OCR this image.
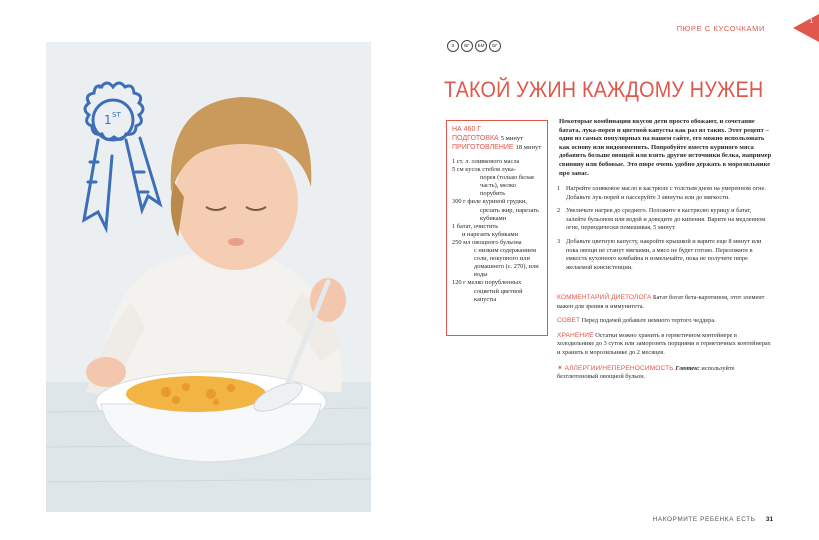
1 ST
ПЮРЕ С КУСОЧКАМИ
1
З	ВГ	БМ	БГ
ТАКОЙ УЖИН КАЖДОМУ НУЖЕН
НА 460 Г
ПОДГОТОВКА 5 минут
ПРИГОТОВЛЕНИЕ 18 минут
1 ст. л. оливкового масла
5 см кусок стебля лука-
порея (только белая
часть), мелко порубить
300 г филе куриной грудки,
срезать жир, нарезать
кубиками
1 батат, очистить
и нарезать кубиками
250 мл овощного бульона
с низким содержанием
соли, покупного или
домашнего (с. 270), или
воды
120 г мелко порубленных
соцветий цветной
капусты

Некоторые комбинации вкусов дети просто обожают, и сочетание батата, лука-порея и цветной капусты как раз из таких. Этот рецепт – один из самых популярных на нашем сайте, его можно использовать как основу или видоизменять. Попробуйте вместо куриного мяса добавить больше овощей или взять другие источники белка, например свинину или бобовые. Это пюре очень удобно держать в морозильнике про запас.

1 Нагрейте оливковое масло в кастрюле с толстым дном на умеренном огне. Добавьте лук-порей и пассеруйте 3 минуты или до мягкости.
2 Увеличьте нагрев до среднего. Положите в кастрюлю курицу и батат, залейте бульоном или водой и доведите до кипения. Варите на медленном огне, периодически помешивая, 5 минут.
3 Добавьте цветную капусту, накройте крышкой и варите еще 8 минут или пока овощи не станут мягкими, а мясо не будет готово. Переложите в емкость кухонного комбайна и измельчайте, пока не получите пюре желаемой консистенции.

КОММЕНТАРИЙ ДИЕТОЛОГА Батат богат бета-каротином, этот элемент важен для зрения и иммунитета.

СОВЕТ Перед подачей добавьте немного тертого чеддера.

ХРАНЕНИЕ Остатки можно хранить в герметичном контейнере в холодильнике до 3 суток или заморозить порциями в герметичных контейнерах и хранить в морозильнике до 2 месяцев.

✶ АЛЛЕРГИИ/НЕПЕРЕНОСИМОСТЬ Глютен: используйте безглютеновый овощной бульон.

НАКОРМИТЕ РЕБЕНКА ЕСТЬ 31
